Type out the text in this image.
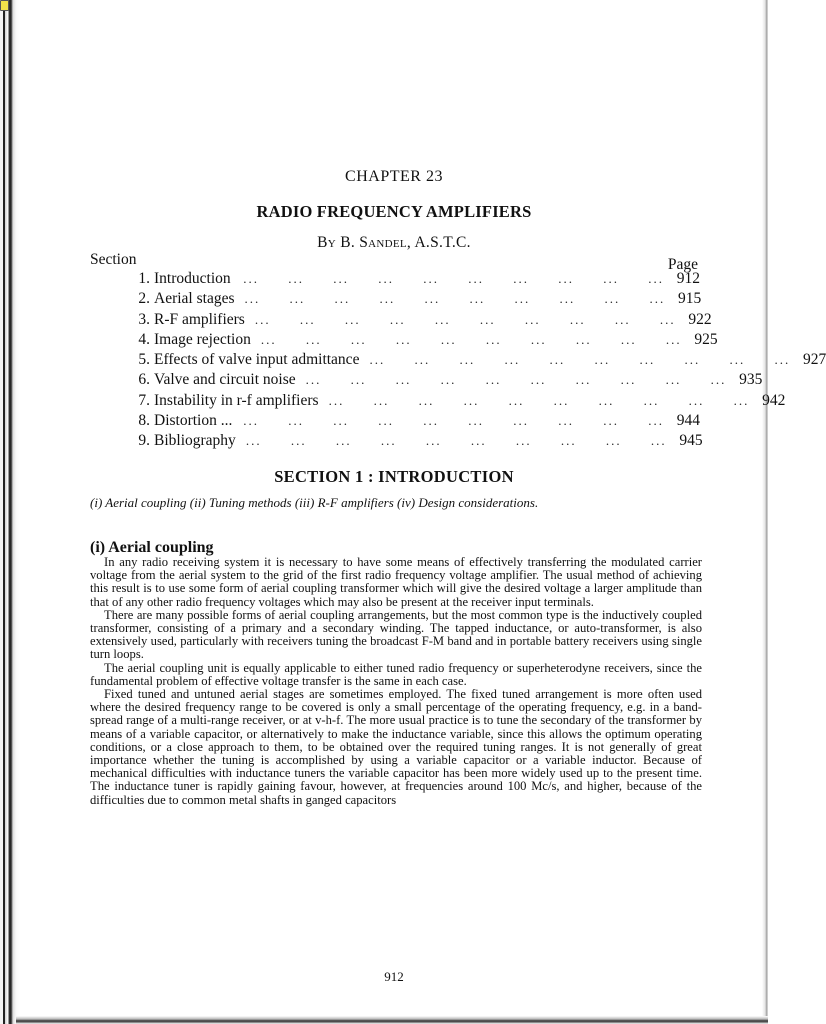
CHAPTER 23
RADIO FREQUENCY AMPLIFIERS
By B. Sandel, A.S.T.C.
Section	Page
1. Introduction ... ... ... ... ... ... ... ... ... ... 912
2. Aerial stages ... ... ... ... ... ... ... ... ... ... 915
3. R-F amplifiers ... ... ... ... ... ... ... ... ... ... 922
4. Image rejection ... ... ... ... ... ... ... ... ... ... 925
5. Effects of valve input admittance ... ... ... ... ... ... ... ... ... ... 927
6. Valve and circuit noise ... ... ... ... ... ... ... ... ... ... 935
7. Instability in r-f amplifiers ... ... ... ... ... ... ... ... ... ... 942
8. Distortion ... ... ... ... ... ... ... ... ... ... ... 944
9. Bibliography ... ... ... ... ... ... ... ... ... ... 945
SECTION 1 : INTRODUCTION
(i) Aerial coupling (ii) Tuning methods (iii) R-F amplifiers (iv) Design considerations.
(i) Aerial coupling

In any radio receiving system it is necessary to have some means of effectively transferring the modulated carrier voltage from the aerial system to the grid of the first radio frequency voltage amplifier. The usual method of achieving this result is to use some form of aerial coupling transformer which will give the desired voltage a larger amplitude than that of any other radio frequency voltages which may also be present at the receiver input terminals.

There are many possible forms of aerial coupling arrangements, but the most common type is the inductively coupled transformer, consisting of a primary and a secondary winding. The tapped inductance, or auto-transformer, is also extensively used, particularly with receivers tuning the broadcast F-M band and in portable battery receivers using single turn loops.

The aerial coupling unit is equally applicable to either tuned radio frequency or superheterodyne receivers, since the fundamental problem of effective voltage transfer is the same in each case.

Fixed tuned and untuned aerial stages are sometimes employed. The fixed tuned arrangement is more often used where the desired frequency range to be covered is only a small percentage of the operating frequency, e.g. in a band-spread range of a multi-range receiver, or at v-h-f. The more usual practice is to tune the secondary of the transformer by means of a variable capacitor, or alternatively to make the inductance variable, since this allows the optimum operating conditions, or a close approach to them, to be obtained over the required tuning ranges. It is not generally of great importance whether the tuning is accomplished by using a variable capacitor or a variable inductor. Because of mechanical difficulties with inductance tuners the variable capacitor has been more widely used up to the present time. The inductance tuner is rapidly gaining favour, however, at frequencies around 100 Mc/s, and higher, because of the difficulties due to common metal shafts in ganged capacitors

912
